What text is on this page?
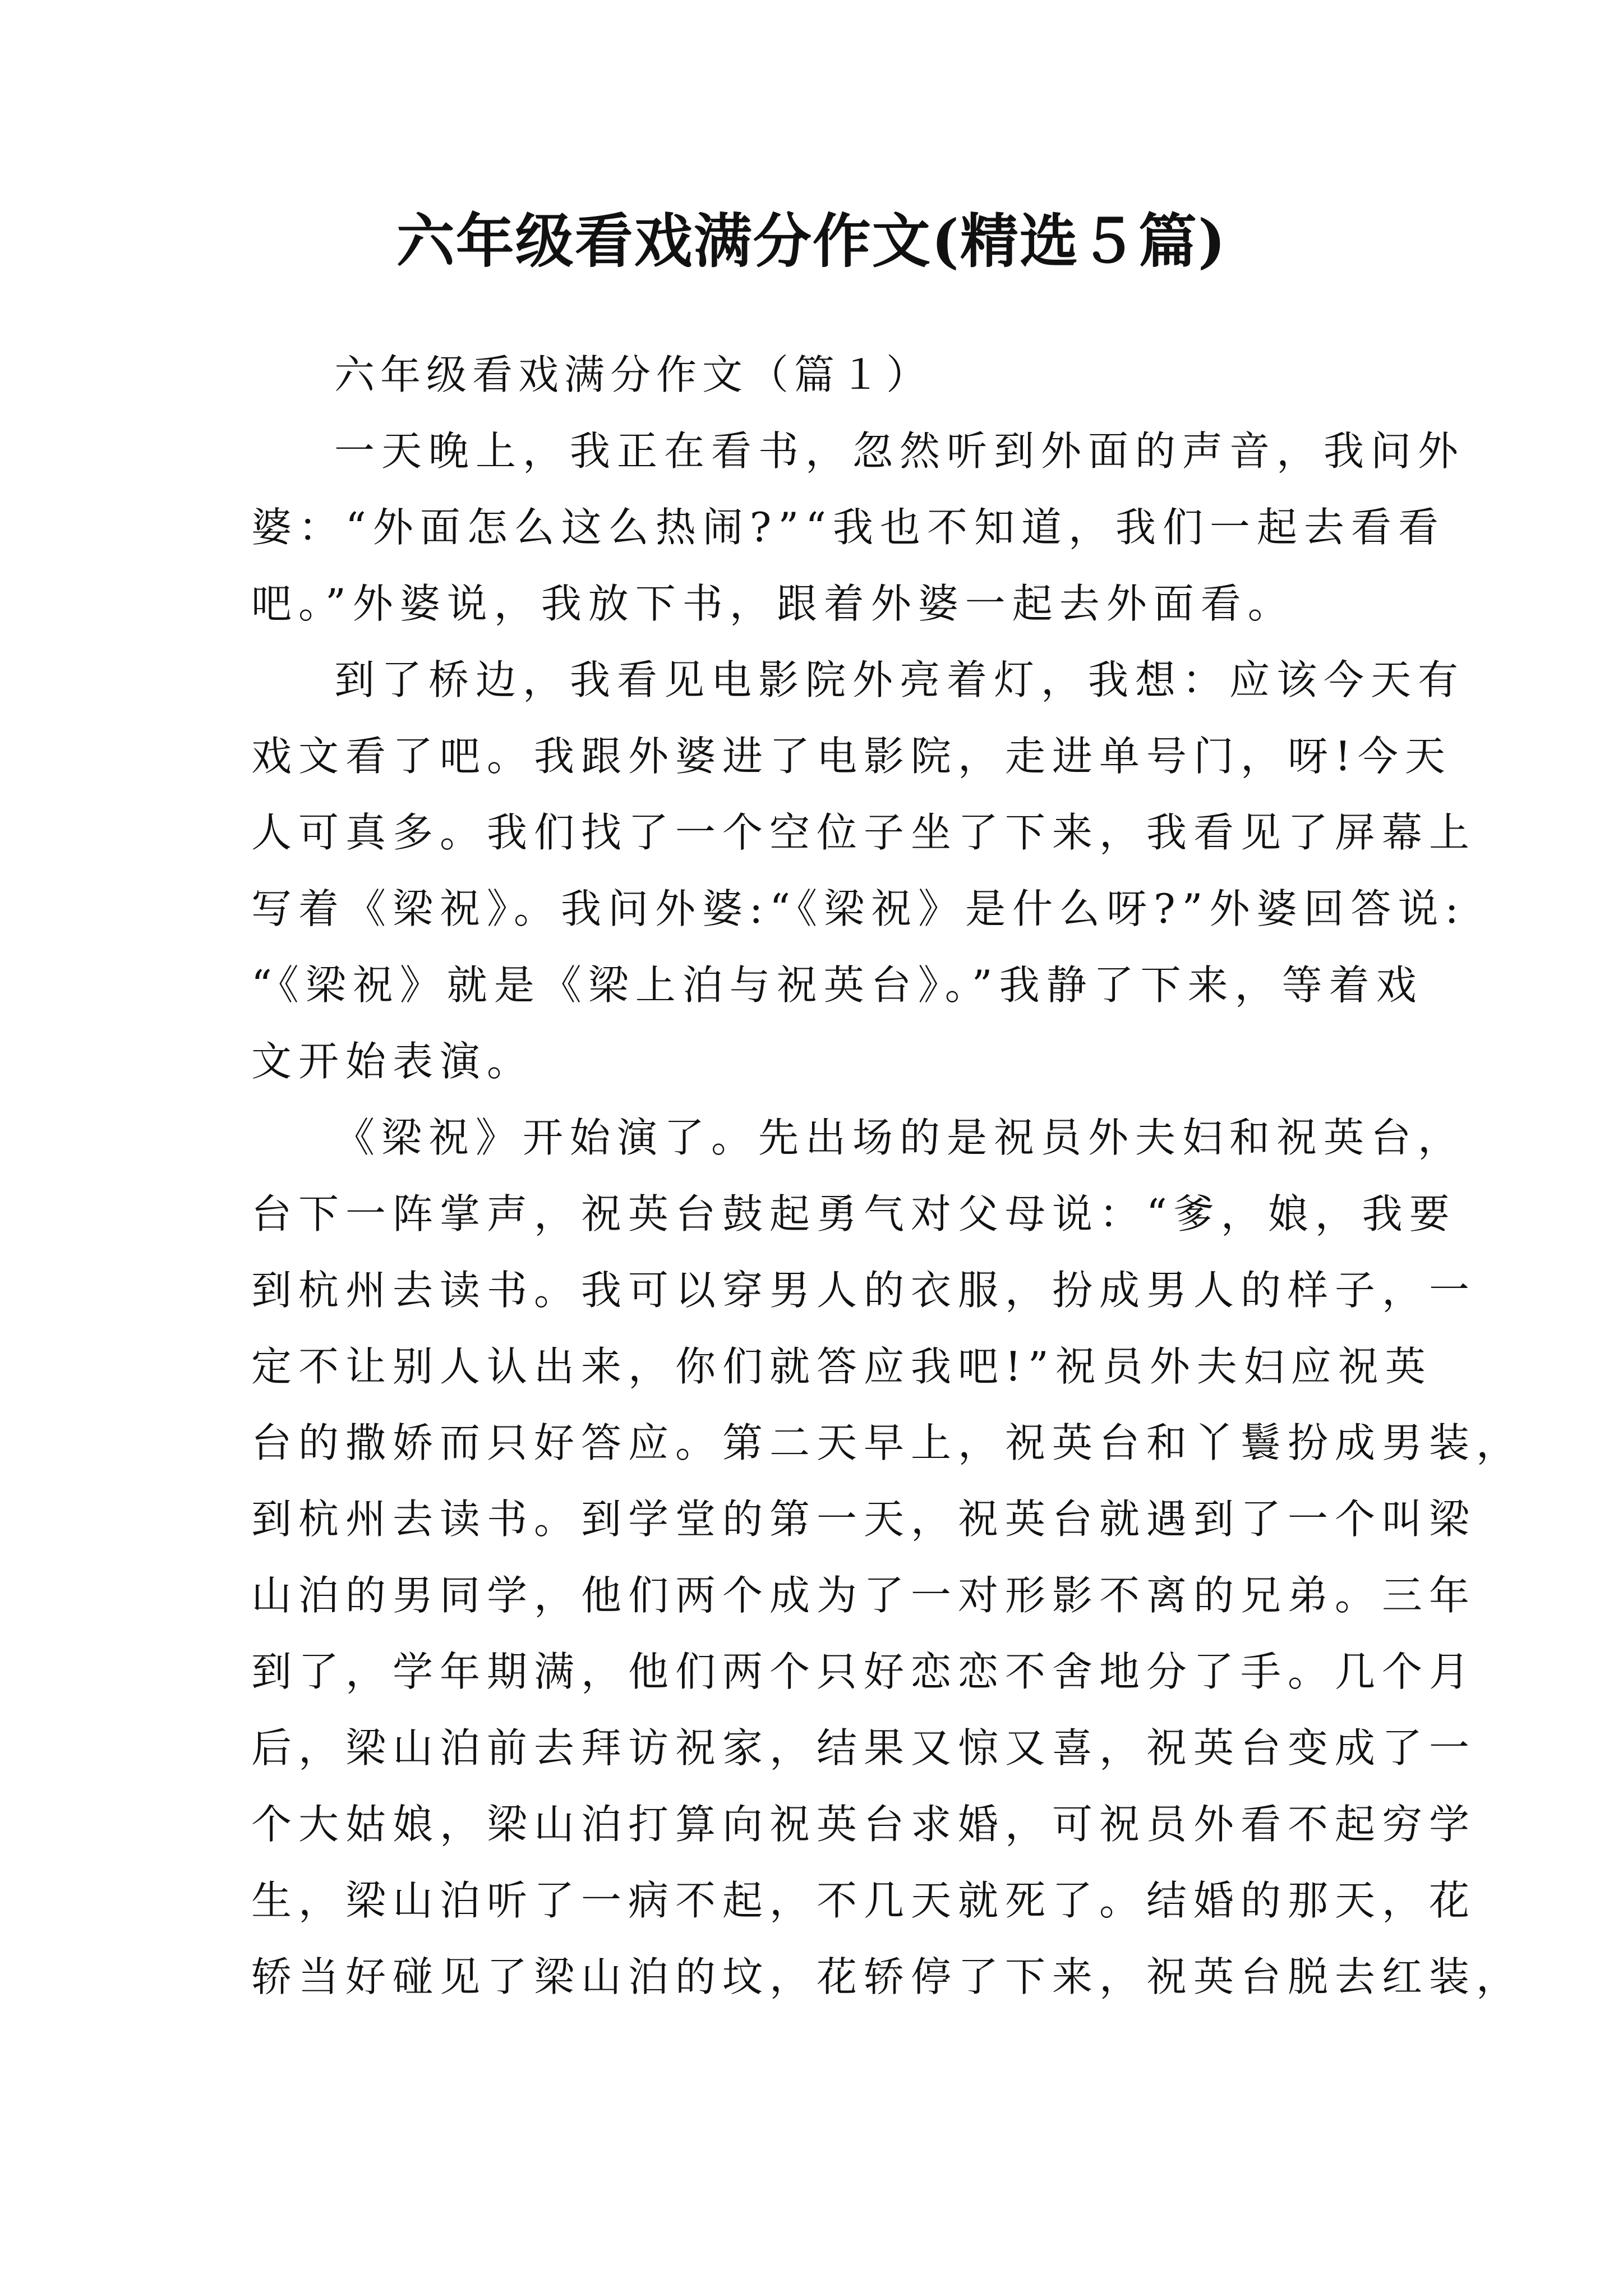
六年级看戏满分作文(精选５篇)
六年级看戏满分作文（篇１）
一天晚上，我正在看书，忽然听到外面的声音，我问外
婆：“外面怎么这么热闹?”“我也不知道，我们一起去看看
吧。”外婆说，我放下书，跟着外婆一起去外面看。
到了桥边，我看见电影院外亮着灯，我想：应该今天有
戏文看了吧。我跟外婆进了电影院，走进单号门，呀!今天
人可真多。我们找了一个空位子坐了下来，我看见了屏幕上
写着《梁祝》。我问外婆:“《梁祝》是什么呀?”外婆回答说:
“《梁祝》就是《梁上泊与祝英台》。”我静了下来，等着戏
文开始表演。
《梁祝》开始演了。先出场的是祝员外夫妇和祝英台，
台下一阵掌声，祝英台鼓起勇气对父母说：“爹，娘，我要
到杭州去读书。我可以穿男人的衣服，扮成男人的样子，一
定不让别人认出来，你们就答应我吧!”祝员外夫妇应祝英
台的撒娇而只好答应。第二天早上，祝英台和丫鬟扮成男装，
到杭州去读书。到学堂的第一天，祝英台就遇到了一个叫梁
山泊的男同学，他们两个成为了一对形影不离的兄弟。三年
到了，学年期满，他们两个只好恋恋不舍地分了手。几个月
后，梁山泊前去拜访祝家，结果又惊又喜，祝英台变成了一
个大姑娘，梁山泊打算向祝英台求婚，可祝员外看不起穷学
生，梁山泊听了一病不起，不几天就死了。结婚的那天，花
轿当好碰见了梁山泊的坟，花轿停了下来，祝英台脱去红装，
